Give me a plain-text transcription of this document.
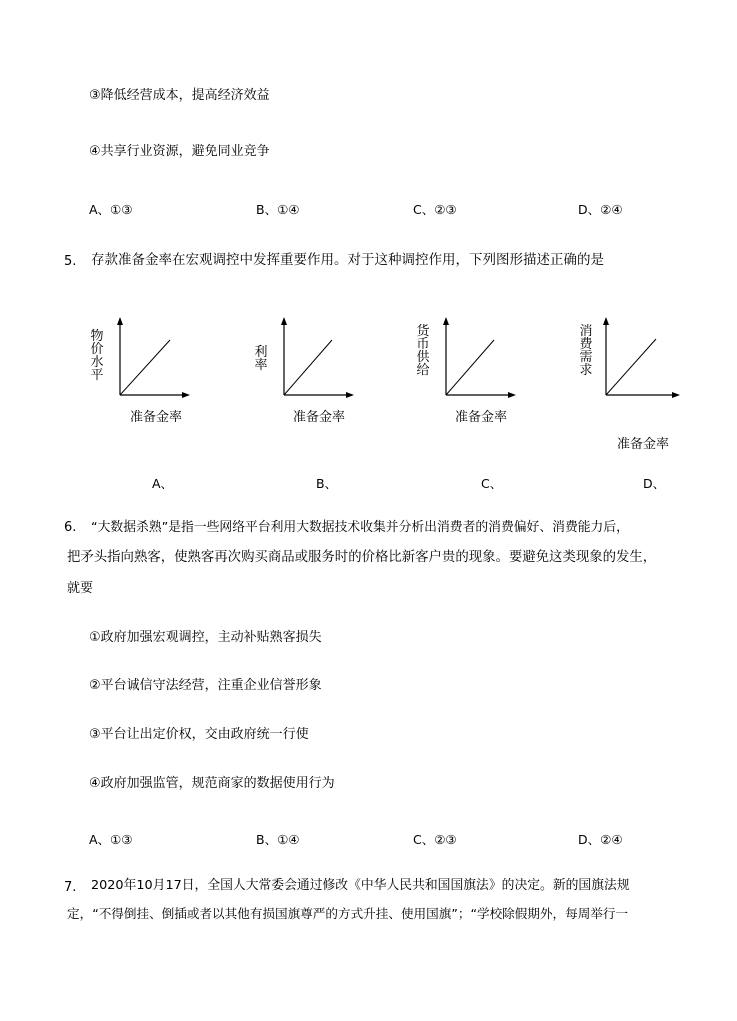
③降低经营成本，提高经济效益
④共享行业资源，避免同业竞争
A、①③	B、①④	C、②③	D、②④
5. 存款准备金率在宏观调控中发挥重要作用。对于这种调控作用，下列图形描述正确的是
物价水平
准备金率
利率
准备金率
货币供给
准备金率
消费需求
准备金率
A、	B、	C、	D、
6. “大数据杀熟”是指一些网络平台利用大数据技术收集并分析出消费者的消费偏好、消费能力后，
把矛头指向熟客，使熟客再次购买商品或服务时的价格比新客户贵的现象。要避免这类现象的发生，
就要
①政府加强宏观调控，主动补贴熟客损失
②平台诚信守法经营，注重企业信誉形象
③平台让出定价权，交由政府统一行使
④政府加强监管，规范商家的数据使用行为
A、①③	B、①④	C、②③	D、②④
7. 2020年10月17日，全国人大常委会通过修改《中华人民共和国国旗法》的决定。新的国旗法规
定，“不得倒挂、倒插或者以其他有损国旗尊严的方式升挂、使用国旗”；“学校除假期外，每周举行一
